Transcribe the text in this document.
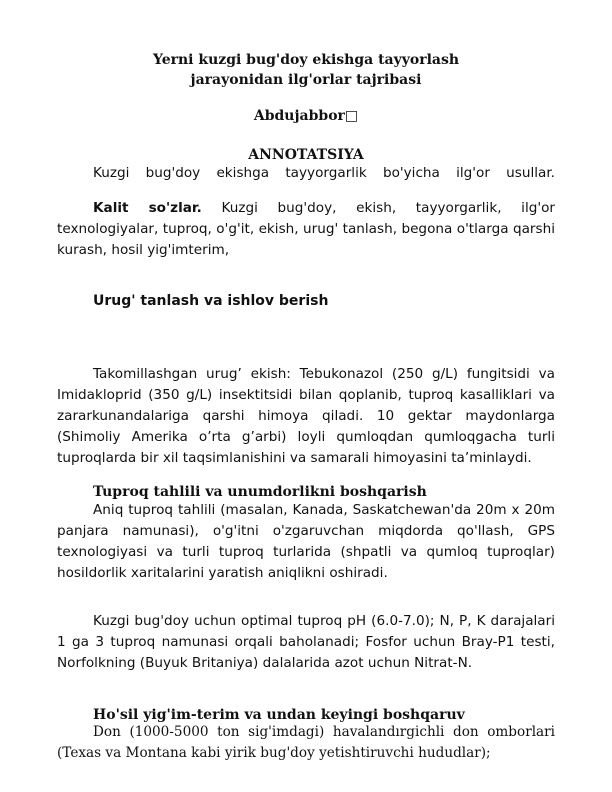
Yerni kuzgi bug'doy ekishga tayyorlash
jarayonidan ilg'orlar tajribasi

Abdujabbor□

ANNOTATSIYA

Kuzgi bug'doy ekishga tayyorgarlik bo'yicha ilg'or usullar.

Kalit so'zlar. Kuzgi bug'doy, ekish, tayyorgarlik, ilg'or texnologiyalar, tuproq, o'g'it, ekish, urug' tanlash, begona o'tlarga qarshi kurash, hosil yig'imterim,

Urug' tanlash va ishlov berish

Takomillashgan urug’ ekish: Tebukonazol (250 g/L) fungitsidi va Imidakloprid (350 g/L) insektitsidi bilan qoplanib, tuproq kasalliklari va zararkunandalariga qarshi himoya qiladi. 10 gektar maydonlarga (Shimoliy Amerika o’rta g’arbi) loyli qumloqdan qumloqgacha turli tuproqlarda bir xil taqsimlanishini va samarali himoyasini ta’minlaydi.

Tuproq tahlili va unumdorlikni boshqarish

Aniq tuproq tahlili (masalan, Kanada, Saskatchewan'da 20m x 20m panjara namunasi), o'g'itni o'zgaruvchan miqdorda qo'llash, GPS texnologiyasi va turli tuproq turlarida (shpatli va qumloq tuproqlar) hosildorlik xaritalarini yaratish aniqlikni oshiradi.

Kuzgi bug'doy uchun optimal tuproq pH (6.0-7.0); N, P, K darajalari 1 ga 3 tuproq namunasi orqali baholanadi; Fosfor uchun Bray-P1 testi, Norfolkning (Buyuk Britaniya) dalalarida azot uchun Nitrat-N.

Ho'sil yig'im-terim va undan keyingi boshqaruv

Don (1000-5000 ton sig'imdagi) havalandırgichli don omborlari (Texas va Montana kabi yirik bug'doy yetishtiruvchi hududlar);
